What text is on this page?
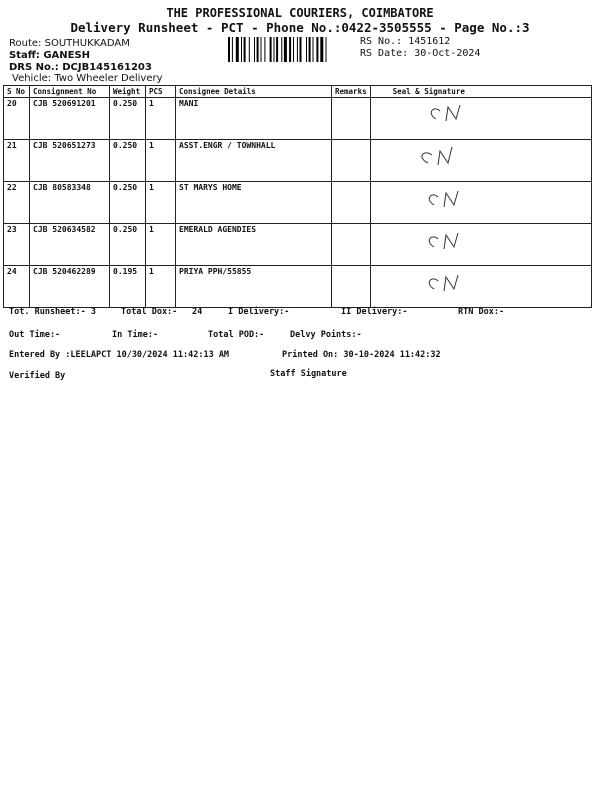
THE PROFESSIONAL COURIERS, COIMBATORE
Delivery Runsheet - PCT - Phone No.:0422-3505555 - Page No.:3
Route: SOUTHUKKADAM
Staff: GANESH
DRS No.: DCJB145161203
Vehicle: Two Wheeler Delivery
RS No.: 1451612
RS Date: 30-Oct-2024
S No	Consignment No	Weight	PCS	Consignee Details	Remarks	Seal & Signature
20	CJB 520691201	0.250	1	MANI		
21	CJB 520651273	0.250	1	ASST.ENGR / TOWNHALL		
22	CJB 80583348	0.250	1	ST MARYS HOME		
23	CJB 520634582	0.250	1	EMERALD AGENDIES		
24	CJB 520462289	0.195	1	PRIYA PPH/55855		
Tot. Runsheet:- 3	Total Dox:- 24	I Delivery:-	II Delivery:-	RTN Dox:-
Out Time:-	In Time:-	Total POD:-	Delvy Points:-
Entered By :LEELAPCT 10/30/2024 11:42:13 AM	Printed On: 30-10-2024 11:42:32
Verified By	Staff Signature
